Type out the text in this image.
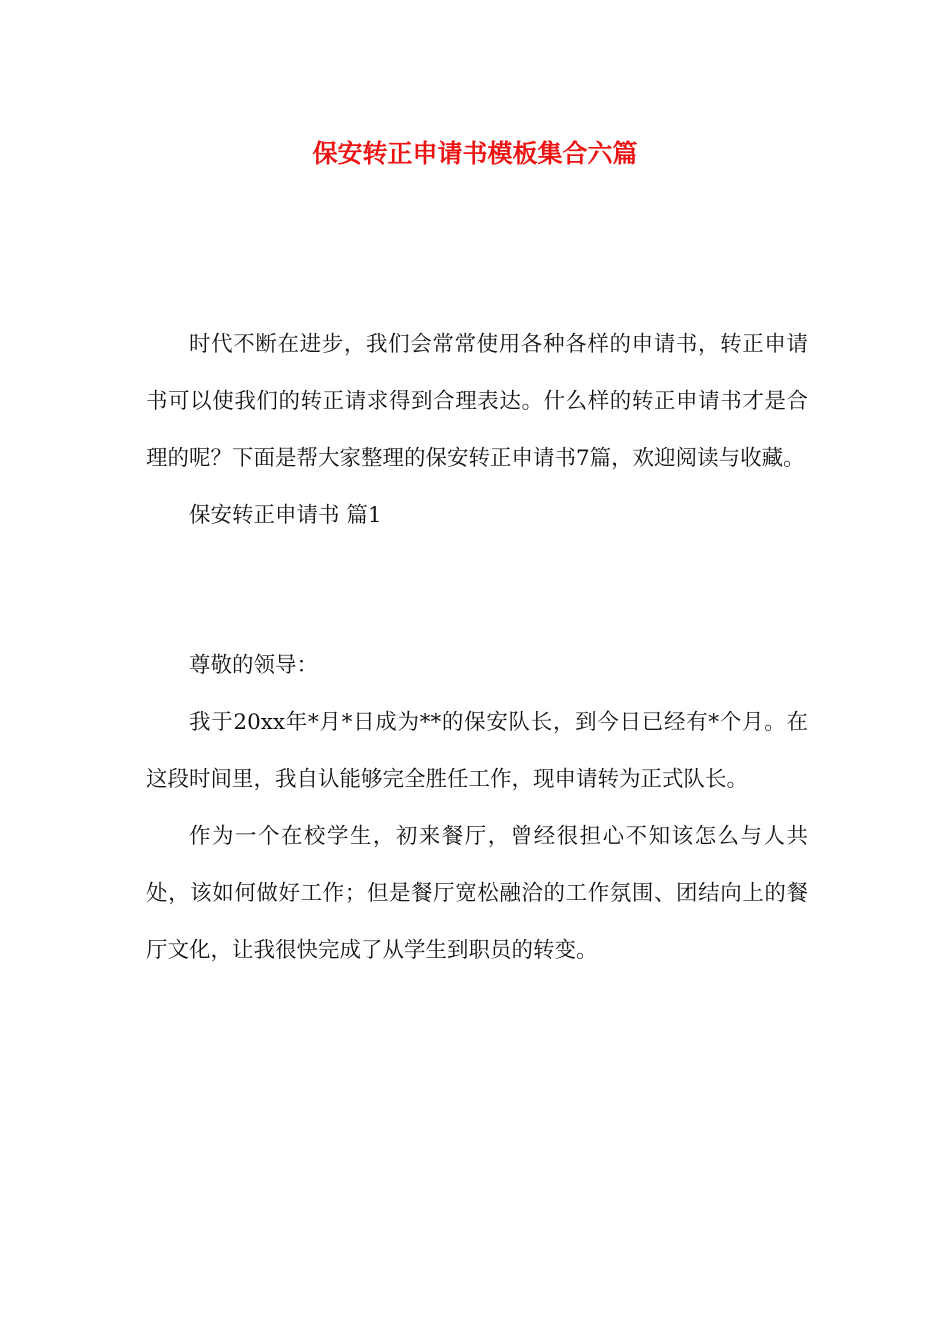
保安转正申请书模板集合六篇

时代不断在进步，我们会常常使用各种各样的申请书，转正申请书可以使我们的转正请求得到合理表达。什么样的转正申请书才是合理的呢？下面是帮大家整理的保安转正申请书7篇，欢迎阅读与收藏。

保安转正申请书 篇1

尊敬的领导：

我于20xx年*月*日成为**的保安队长，到今日已经有*个月。在这段时间里，我自认能够完全胜任工作，现申请转为正式队长。

作为一个在校学生，初来餐厅，曾经很担心不知该怎么与人共处，该如何做好工作；但是餐厅宽松融洽的工作氛围、团结向上的餐厅文化，让我很快完成了从学生到职员的转变。
